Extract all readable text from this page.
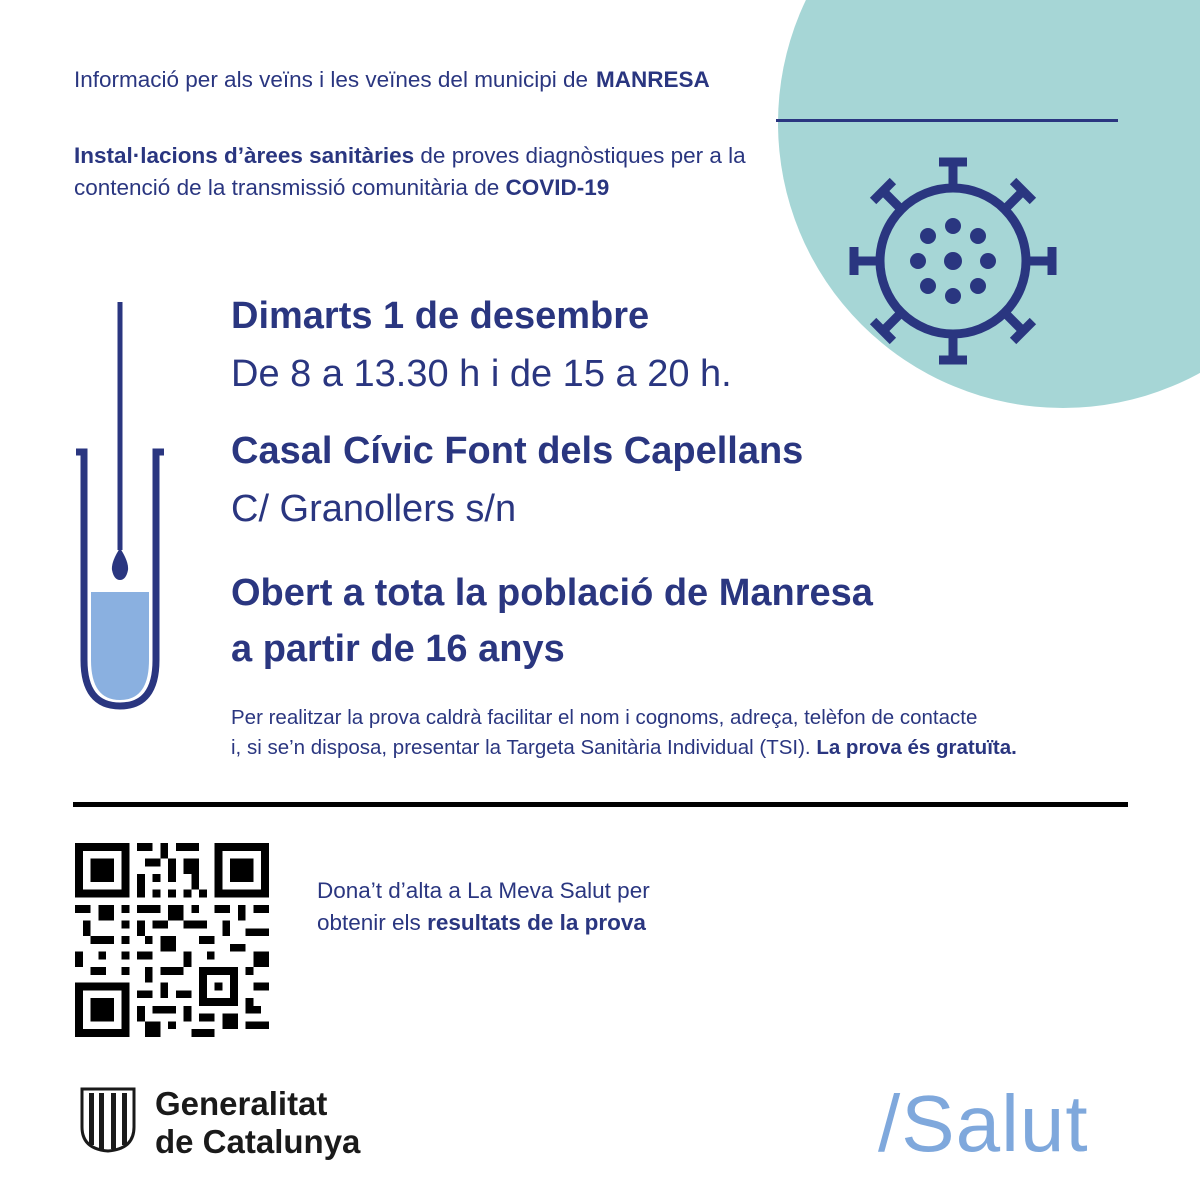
Informació per als veïns i les veïnes del municipi de MANRESA
Instal·lacions d’àrees sanitàries de proves diagnòstiques per a la contenció de la transmissió comunitària de COVID-19
Dimarts 1 de desembre
De 8 a 13.30 h i de 15 a 20 h.
Casal Cívic Font dels Capellans
C/ Granollers s/n
Obert a tota la població de Manresa
a partir de 16 anys
Per realitzar la prova caldrà facilitar el nom i cognoms, adreça, telèfon de contacte
i, si se’n disposa, presentar la Targeta Sanitària Individual (TSI). La prova és gratuïta.
Dona’t d’alta a La Meva Salut per
obtenir els resultats de la prova
Generalitat
de Catalunya	/Salut
